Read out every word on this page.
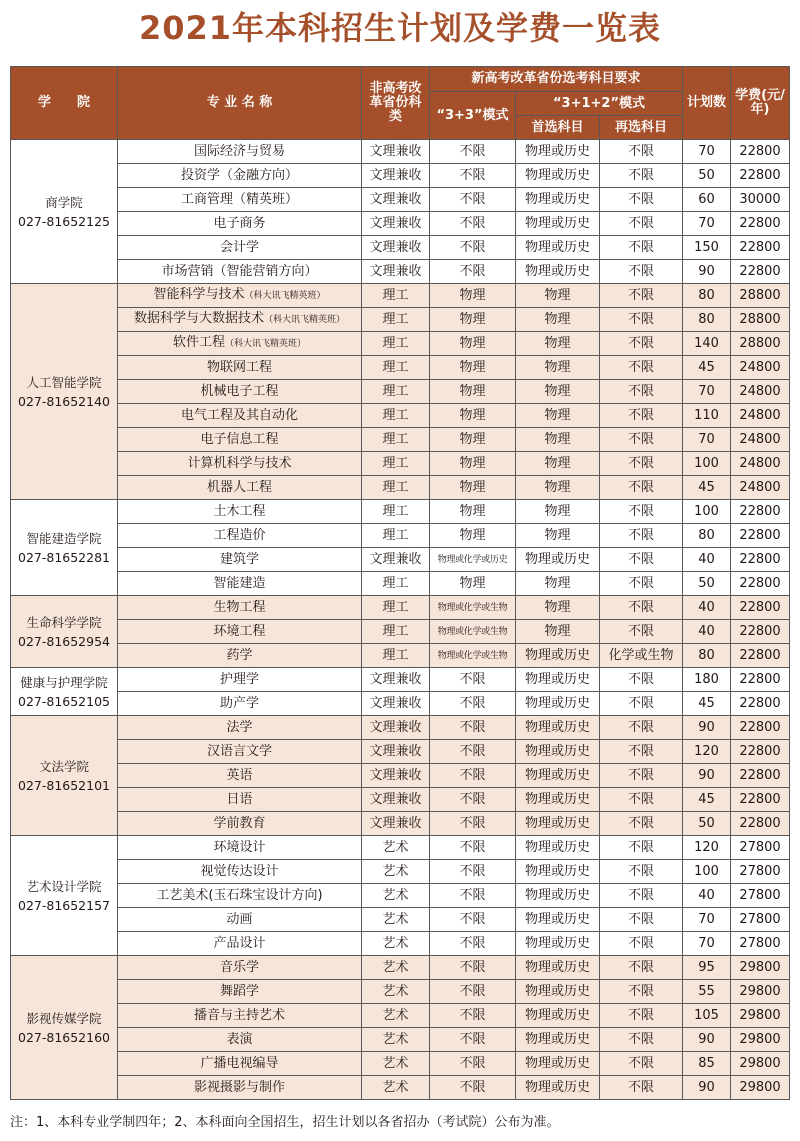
2021年本科招生计划及学费一览表
学　　院	专 业 名 称	非高考改革省份科类	新高考改革省份选考科目要求			计划数	学费(元/年)
			“3+3”模式	“3+1+2”模式			
				首选科目	再选科目		

商学院
027-81652125	国际经济与贸易	文理兼收	不限	物理或历史	不限	70	22800
	投资学（金融方向）	文理兼收	不限	物理或历史	不限	50	22800
	工商管理（精英班）	文理兼收	不限	物理或历史	不限	60	30000
	电子商务	文理兼收	不限	物理或历史	不限	70	22800
	会计学	文理兼收	不限	物理或历史	不限	150	22800
	市场营销（智能营销方向）	文理兼收	不限	物理或历史	不限	90	22800

人工智能学院
027-81652140	智能科学与技术（科大讯飞精英班）	理工	物理	物理	不限	80	28800
	数据科学与大数据技术（科大讯飞精英班）	理工	物理	物理	不限	80	28800
	软件工程（科大讯飞精英班）	理工	物理	物理	不限	140	28800
	物联网工程	理工	物理	物理	不限	45	24800
	机械电子工程	理工	物理	物理	不限	70	24800
	电气工程及其自动化	理工	物理	物理	不限	110	24800
	电子信息工程	理工	物理	物理	不限	70	24800
	计算机科学与技术	理工	物理	物理	不限	100	24800
	机器人工程	理工	物理	物理	不限	45	24800

智能建造学院
027-81652281	土木工程	理工	物理	物理	不限	100	22800
	工程造价	理工	物理	物理	不限	80	22800
	建筑学	文理兼收	物理或化学或历史	物理或历史	不限	40	22800
	智能建造	理工	物理	物理	不限	50	22800

生命科学学院
027-81652954	生物工程	理工	物理或化学或生物	物理	不限	40	22800
	环境工程	理工	物理或化学或生物	物理	不限	40	22800
	药学	理工	物理或化学或生物	物理或历史	化学或生物	80	22800

健康与护理学院
027-81652105	护理学	文理兼收	不限	物理或历史	不限	180	22800
	助产学	文理兼收	不限	物理或历史	不限	45	22800

文法学院
027-81652101	法学	文理兼收	不限	物理或历史	不限	90	22800
	汉语言文学	文理兼收	不限	物理或历史	不限	120	22800
	英语	文理兼收	不限	物理或历史	不限	90	22800
	日语	文理兼收	不限	物理或历史	不限	45	22800
	学前教育	文理兼收	不限	物理或历史	不限	50	22800

艺术设计学院
027-81652157	环境设计	艺术	不限	物理或历史	不限	120	27800
	视觉传达设计	艺术	不限	物理或历史	不限	100	27800
	工艺美术(玉石珠宝设计方向)	艺术	不限	物理或历史	不限	40	27800
	动画	艺术	不限	物理或历史	不限	70	27800
	产品设计	艺术	不限	物理或历史	不限	70	27800

影视传媒学院
027-81652160	音乐学	艺术	不限	物理或历史	不限	95	29800
	舞蹈学	艺术	不限	物理或历史	不限	55	29800
	播音与主持艺术	艺术	不限	物理或历史	不限	105	29800
	表演	艺术	不限	物理或历史	不限	90	29800
	广播电视编导	艺术	不限	物理或历史	不限	85	29800
	影视摄影与制作	艺术	不限	物理或历史	不限	90	29800

注：1、本科专业学制四年；2、本科面向全国招生，招生计划以各省招办（考试院）公布为准。
